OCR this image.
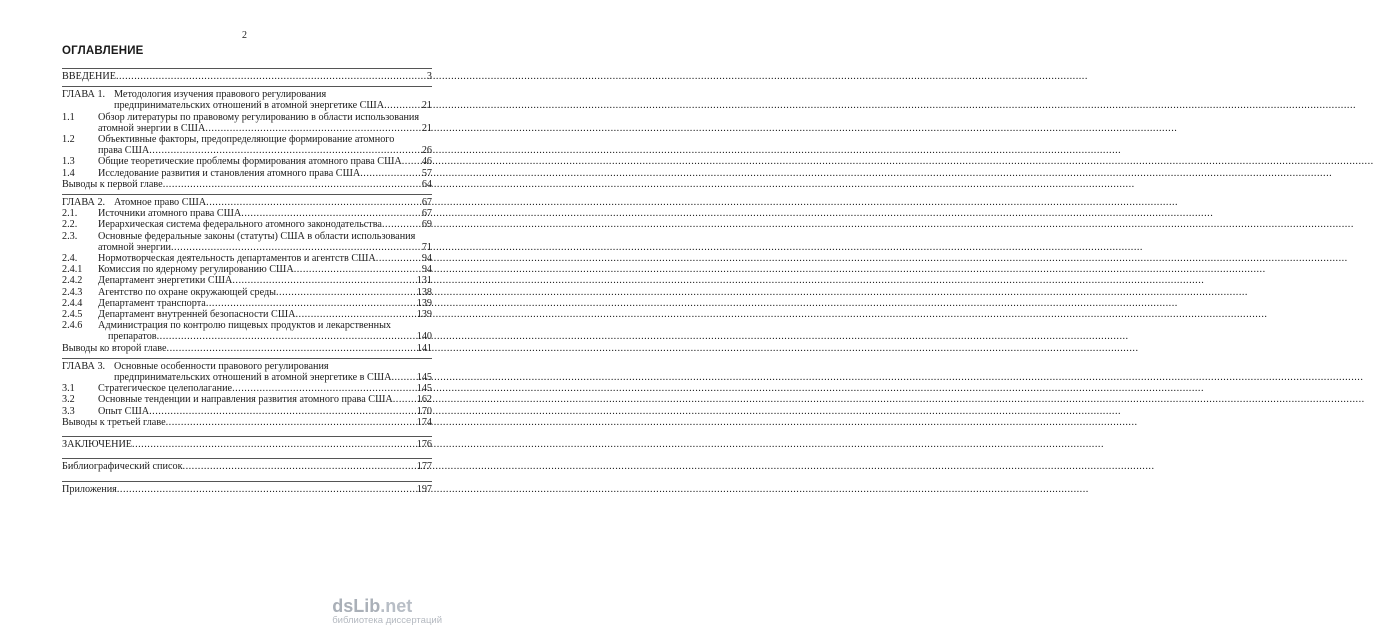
2
ОГЛАВЛЕНИЕ
ВВЕДЕНИЕ .....	3
ГЛАВА 1. Методология изучения правового регулирования
предпринимательских отношений в атомной энергетике США .....	21
1.1	Обзор литературы по правовому регулированию в области использования
атомной энергии в США .....	21
1.2	Объективные факторы, предопределяющие формирование атомного
права США .....	26
1.3	Общие теоретические проблемы формирования атомного права США ..... 46
1.4	Исследование развития и становления атомного права США .....	57
Выводы к первой главе .....	64
ГЛАВА 2. Атомное право США .....	67
2.1.	Источники атомного права США .....	67
2.2.	Иерархическая система федерального атомного законодательства .....	69
2.3.	Основные федеральные законы (статуты) США в области использования
атомной энергии .....	71
2.4.	Нормотворческая деятельность департаментов и агентств США .....	94
2.4.1	Комиссия по ядерному регулированию США .....	94
2.4.2	Департамент энергетики США .....	131
2.4.3	Агентство по охране окружающей среды .....	138
2.4.4	Департамент транспорта .....	139
2.4.5	Департамент внутренней безопасности США .....	139
2.4.6	Администрация по контролю пищевых продуктов и лекарственных
препаратов .....	140
Выводы ко второй главе .....	141
ГЛАВА 3. Основные особенности правового регулирования
предпринимательских отношений в атомной энергетике в США ..... 145
3.1	Стратегическое целеполагание .....	145
3.2	Основные тенденции и направления развития атомного права США ..... 162
3.3	Опыт США .....	170
Выводы к третьей главе .....	174
ЗАКЛЮЧЕНИЕ .....	176
Библиографический список .....	177
Приложения .....	197
dsLib.net
библиотека диссертаций
